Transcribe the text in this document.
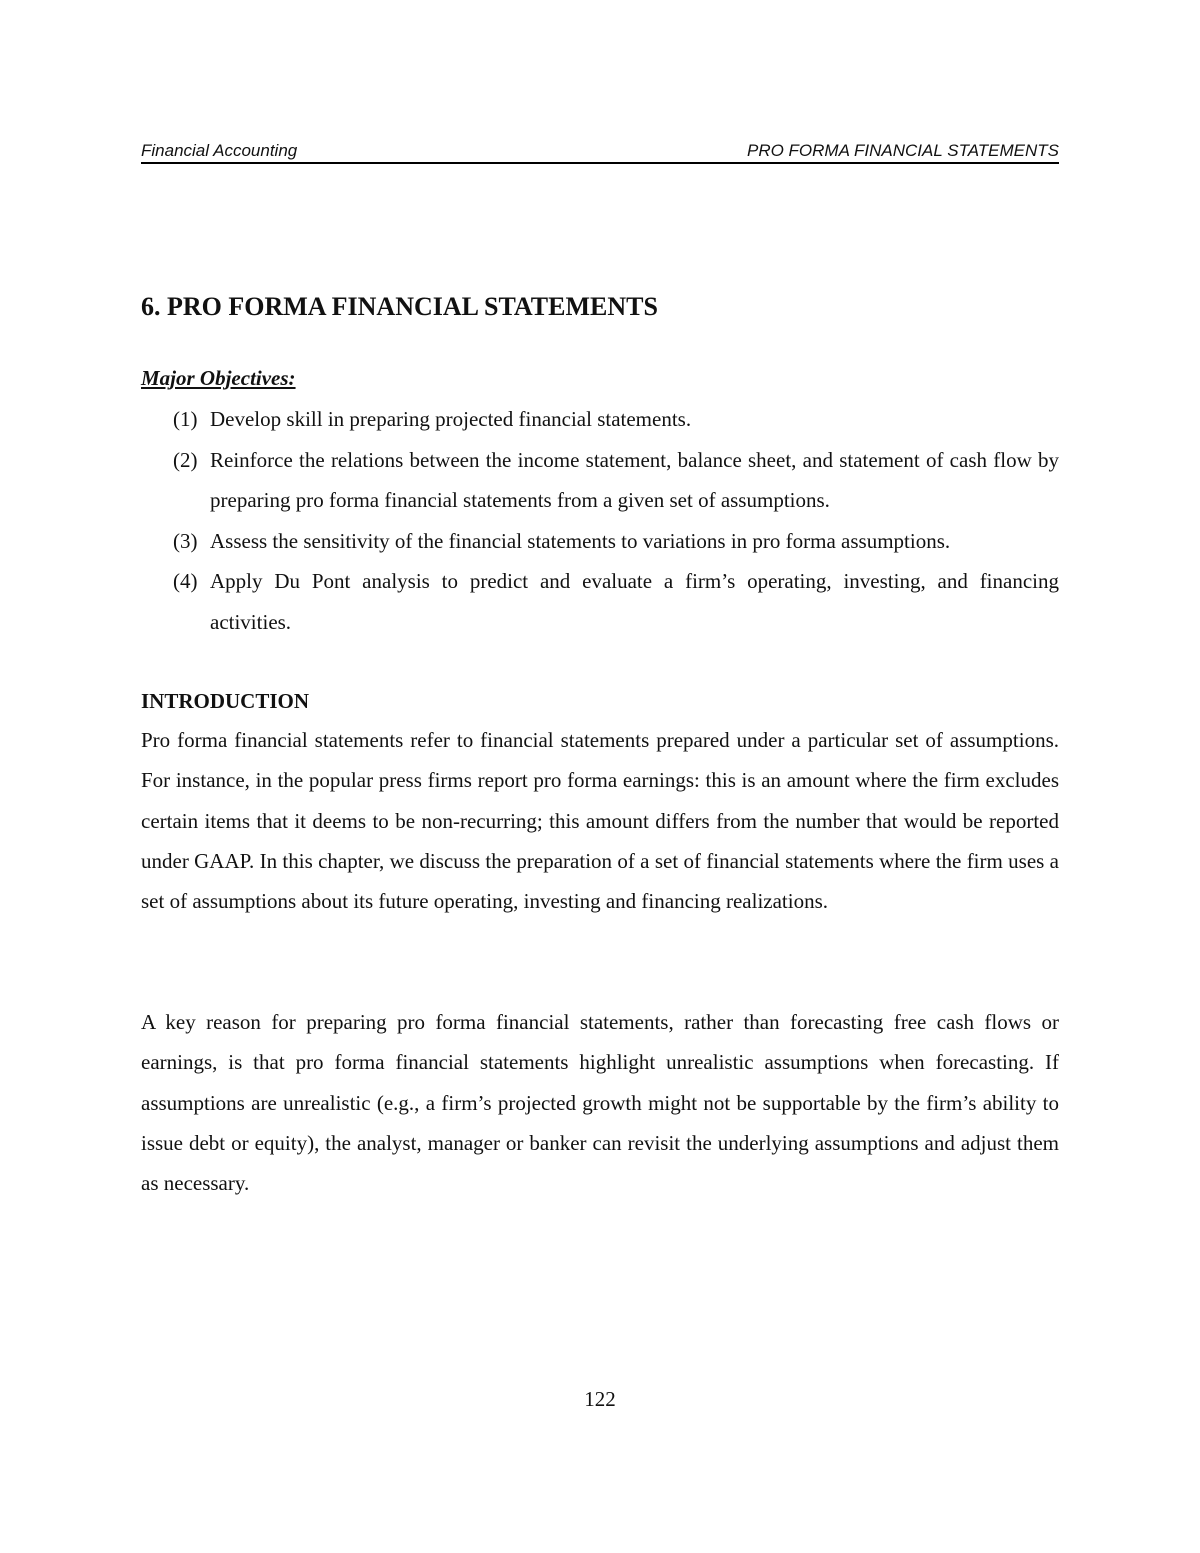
Financial Accounting	PRO FORMA FINANCIAL STATEMENTS
6. PRO FORMA FINANCIAL STATEMENTS
Major Objectives:
(1) Develop skill in preparing projected financial statements.
(2) Reinforce the relations between the income statement, balance sheet, and statement of cash flow by preparing pro forma financial statements from a given set of assumptions.
(3) Assess the sensitivity of the financial statements to variations in pro forma assumptions.
(4) Apply Du Pont analysis to predict and evaluate a firm’s operating, investing, and financing activities.
INTRODUCTION

Pro forma financial statements refer to financial statements prepared under a particular set of assumptions. For instance, in the popular press firms report pro forma earnings: this is an amount where the firm excludes certain items that it deems to be non-recurring; this amount differs from the number that would be reported under GAAP. In this chapter, we discuss the preparation of a set of financial statements where the firm uses a set of assumptions about its future operating, investing and financing realizations.

A key reason for preparing pro forma financial statements, rather than forecasting free cash flows or earnings, is that pro forma financial statements highlight unrealistic assumptions when forecasting. If assumptions are unrealistic (e.g., a firm’s projected growth might not be supportable by the firm’s ability to issue debt or equity), the analyst, manager or banker can revisit the underlying assumptions and adjust them as necessary.

122
